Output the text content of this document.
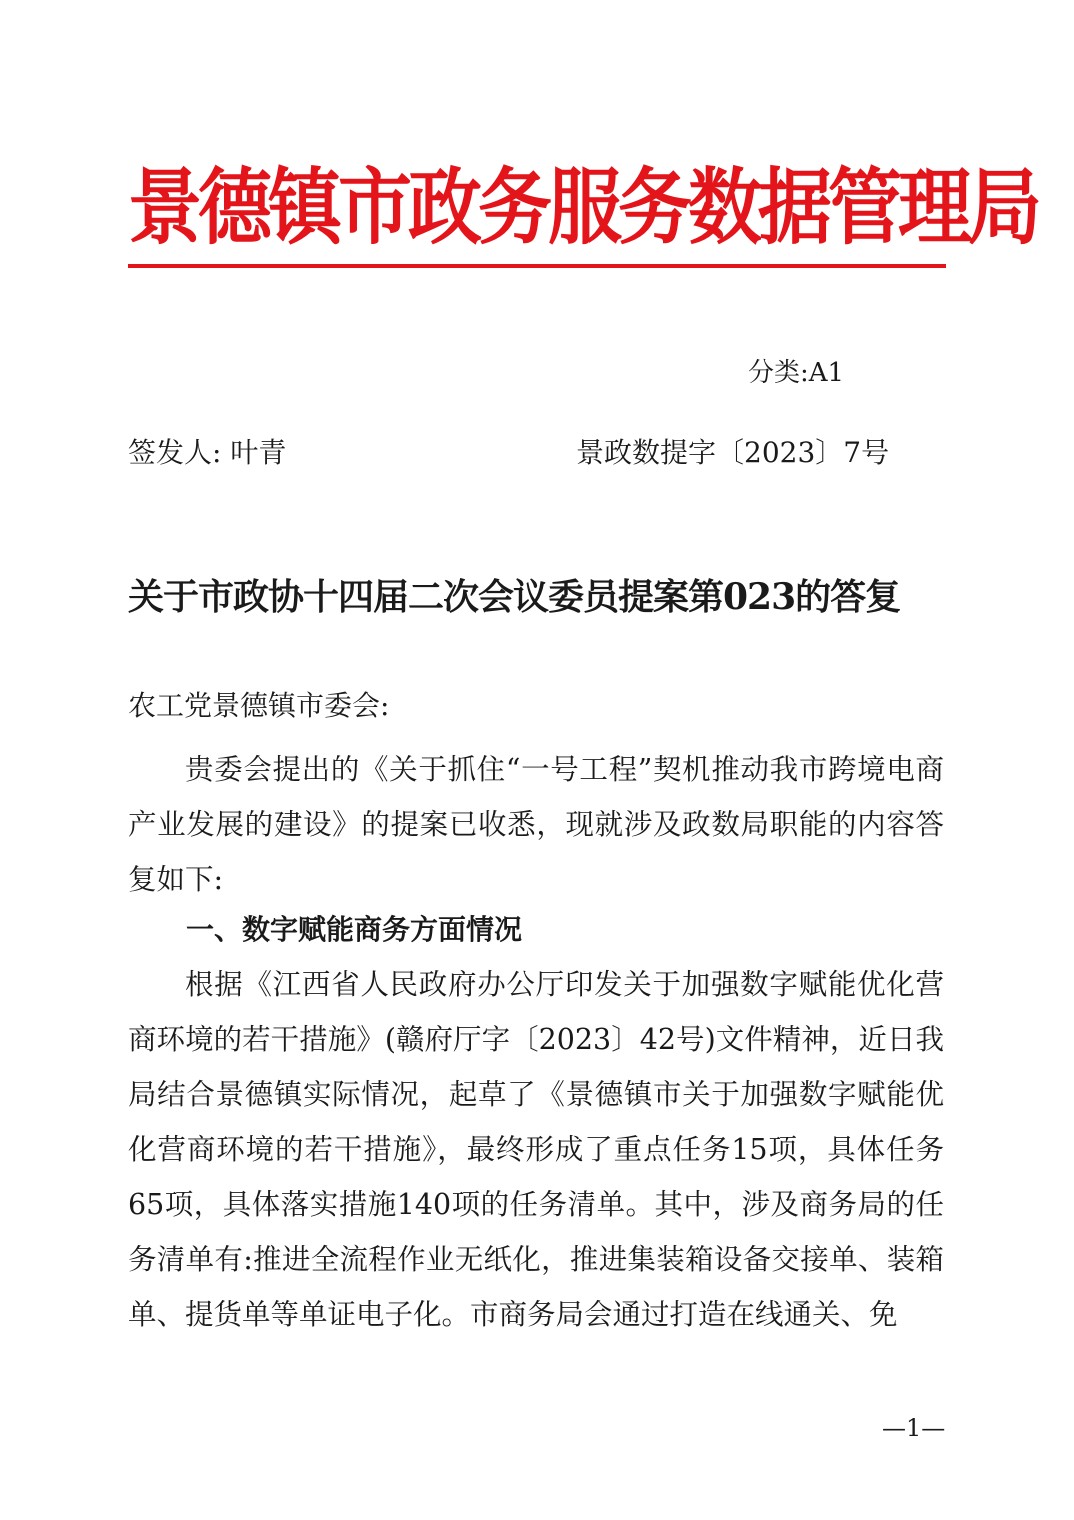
景德镇市政务服务数据管理局
分类:A1
签发人: 叶青	景政数提字〔2023〕7号
关于市政协十四届二次会议委员提案第023的答复
农工党景德镇市委会:

贵委会提出的《关于抓住“一号工程”契机推动我市跨境电商产业发展的建设》的提案已收悉，现就涉及政数局职能的内容答复如下:

一、数字赋能商务方面情况

根据《江西省人民政府办公厅印发关于加强数字赋能优化营商环境的若干措施》(赣府厅字〔2023〕42号)文件精神，近日我局结合景德镇实际情况，起草了《景德镇市关于加强数字赋能优化营商环境的若干措施》，最终形成了重点任务15项，具体任务65项，具体落实措施140项的任务清单。其中，涉及商务局的任务清单有:推进全流程作业无纸化，推进集装箱设备交接单、装箱单、提货单等单证电子化。市商务局会通过打造在线通关、免

—1—
